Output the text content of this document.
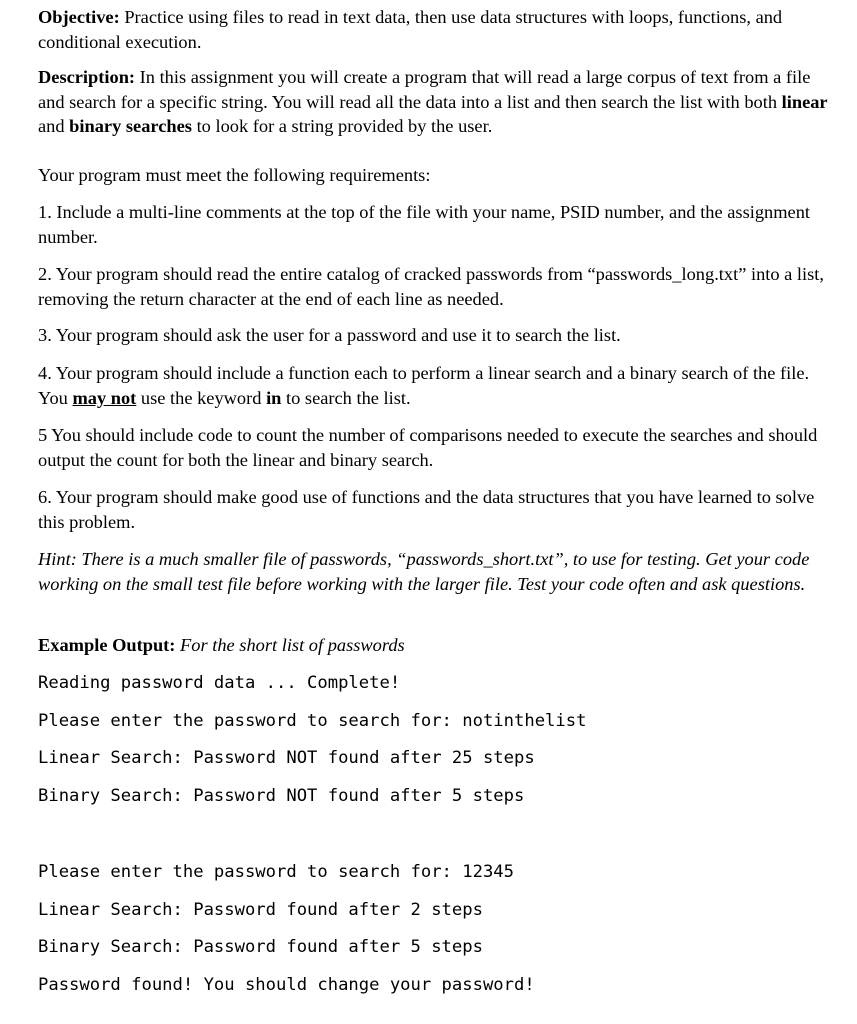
Objective: Practice using files to read in text data, then use data structures with loops, functions, and conditional execution.

Description: In this assignment you will create a program that will read a large corpus of text from a file and search for a specific string. You will read all the data into a list and then search the list with both linear and binary searches to look for a string provided by the user.

Your program must meet the following requirements:

1. Include a multi-line comments at the top of the file with your name, PSID number, and the assignment number.

2. Your program should read the entire catalog of cracked passwords from “passwords_long.txt” into a list, removing the return character at the end of each line as needed.

3. Your program should ask the user for a password and use it to search the list.

4. Your program should include a function each to perform a linear search and a binary search of the file. You may not use the keyword in to search the list.

5 You should include code to count the number of comparisons needed to execute the searches and should output the count for both the linear and binary search.

6. Your program should make good use of functions and the data structures that you have learned to solve this problem.

Hint: There is a much smaller file of passwords, “passwords_short.txt”, to use for testing. Get your code working on the small test file before working with the larger file. Test your code often and ask questions.

Example Output: For the short list of passwords

Reading password data ... Complete!
Please enter the password to search for: notinthelist
Linear Search: Password NOT found after 25 steps
Binary Search: Password NOT found after 5 steps
Please enter the password to search for: 12345
Linear Search: Password found after 2 steps
Binary Search: Password found after 5 steps
Password found! You should change your password!
